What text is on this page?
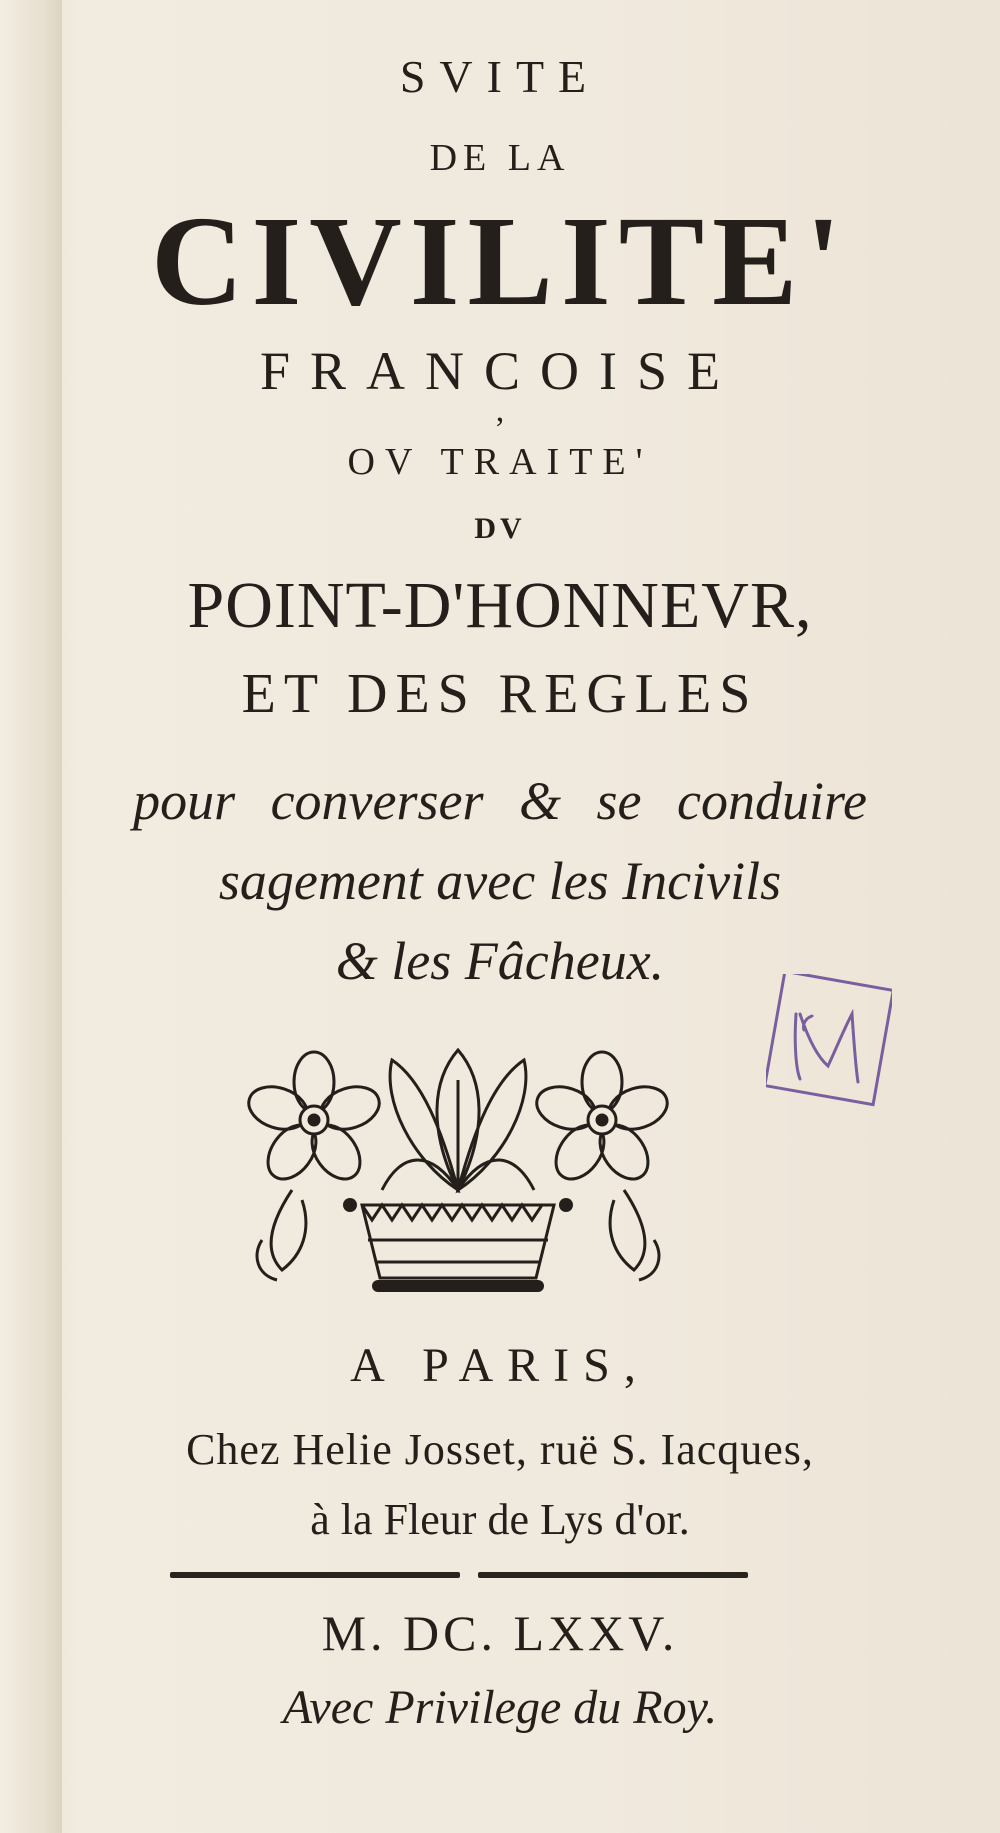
SVITE

DE LA

CIVILITE'

FRANCOISE

,

OV TRAITE'

DV

POINT-D'HONNEVR,

ET DES REGLES

pour converser & se conduire

sagement avec les Incivils

& les Fâcheux.

A PARIS,

Chez Helie Josset, ruë S. Iacques,

à la Fleur de Lys d'or.

M. DC. LXXV.

Avec Privilege du Roy.
